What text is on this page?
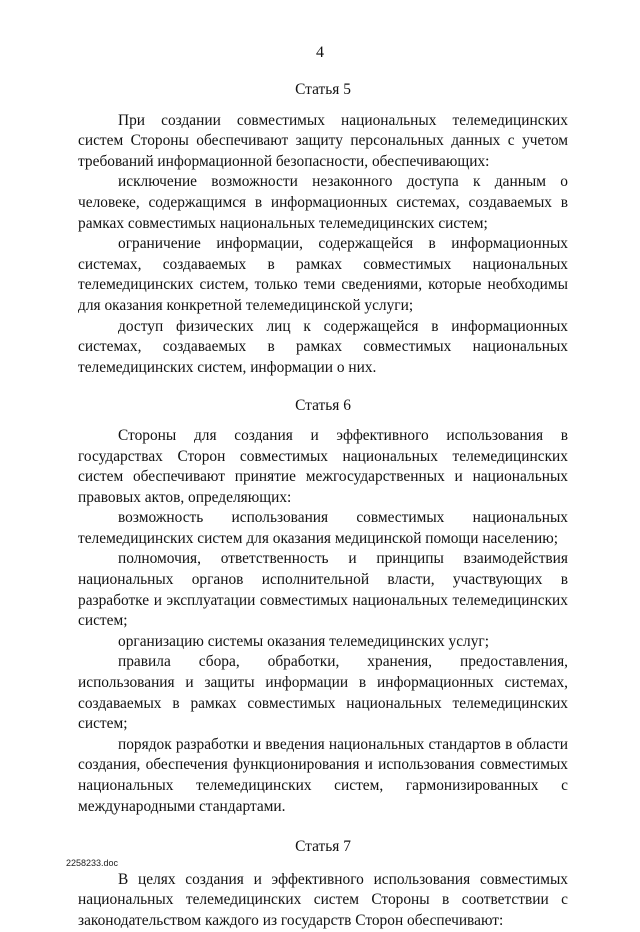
4

Статья 5

При создании совместимых национальных телемедицинских систем Стороны обеспечивают защиту персональных данных с учетом требований информационной безопасности, обеспечивающих:

исключение возможности незаконного доступа к данным о человеке, содержащимся в информационных системах, создаваемых в рамках совместимых национальных телемедицинских систем;

ограничение информации, содержащейся в информационных системах, создаваемых в рамках совместимых национальных телемедицинских систем, только теми сведениями, которые необходимы для оказания конкретной телемедицинской услуги;

доступ физических лиц к содержащейся в информационных системах, создаваемых в рамках совместимых национальных телемедицинских систем, информации о них.

Статья 6

Стороны для создания и эффективного использования в государствах Сторон совместимых национальных телемедицинских систем обеспечивают принятие межгосударственных и национальных правовых актов, определяющих:

возможность использования совместимых национальных телемедицинских систем для оказания медицинской помощи населению;

полномочия, ответственность и принципы взаимодействия национальных органов исполнительной власти, участвующих в разработке и эксплуатации совместимых национальных телемедицинских систем;

организацию системы оказания телемедицинских услуг;

правила сбора, обработки, хранения, предоставления, использования и защиты информации в информационных системах, создаваемых в рамках совместимых национальных телемедицинских систем;

порядок разработки и введения национальных стандартов в области создания, обеспечения функционирования и использования совместимых национальных телемедицинских систем, гармонизированных с международными стандартами.

Статья 7

В целях создания и эффективного использования совместимых национальных телемедицинских систем Стороны в соответствии с законодательством каждого из государств Сторон обеспечивают:

2258233.doc
